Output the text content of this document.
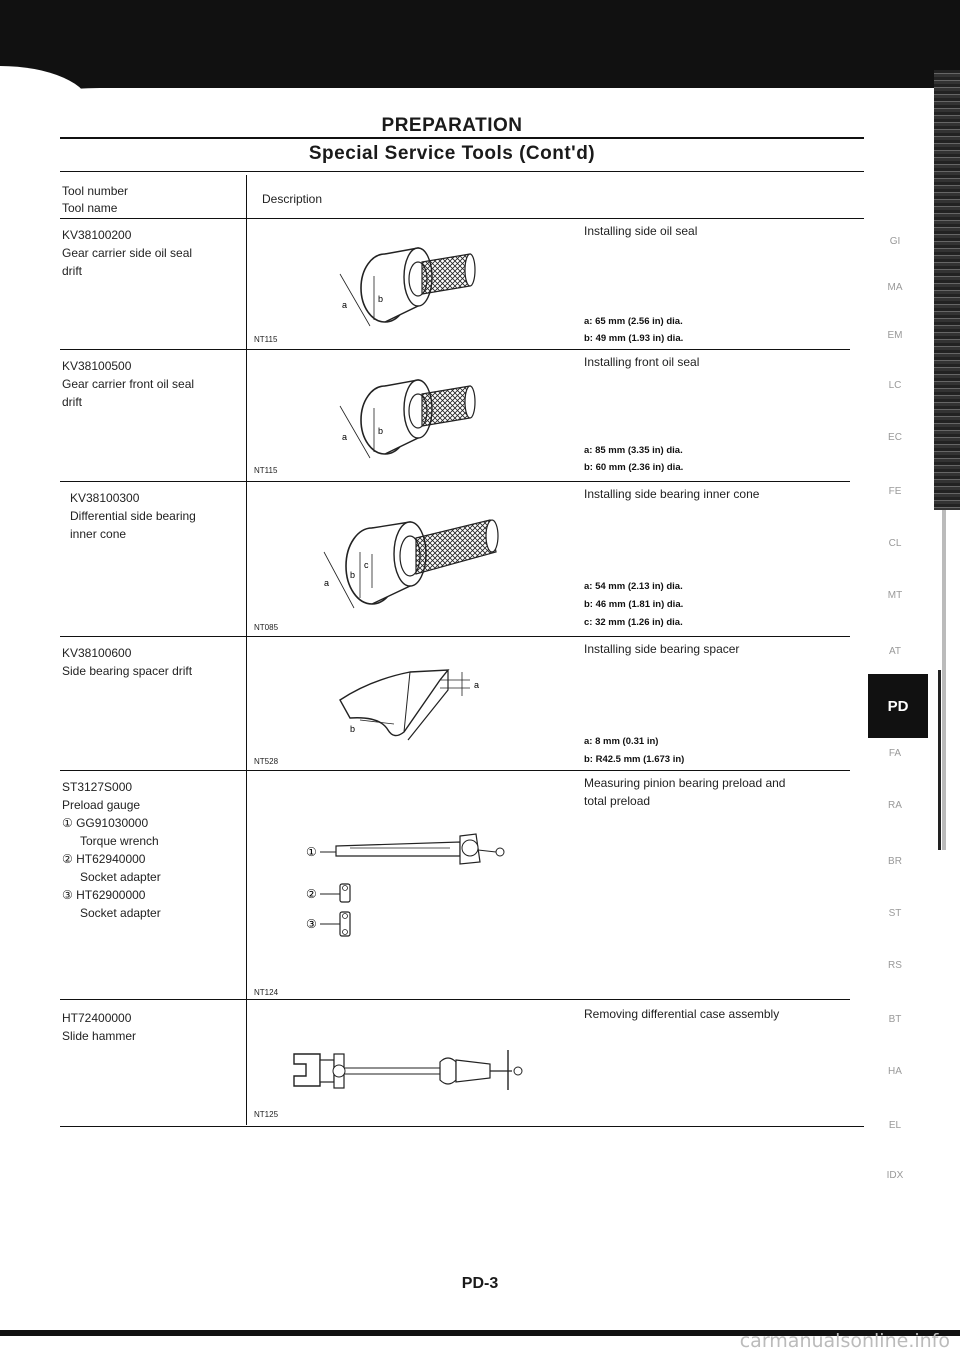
PREPARATION
Special Service Tools (Cont'd)
Tool number
Tool name
Description
KV38100200
Gear carrier side oil seal
drift
Installing side oil seal
a: 65 mm (2.56 in) dia.
b: 49 mm (1.93 in) dia.
NT115
a
b
KV38100500
Gear carrier front oil seal
drift
Installing front oil seal
a: 85 mm (3.35 in) dia.
b: 60 mm (2.36 in) dia.
NT115
a
b
KV38100300
Differential side bearing
inner cone
Installing side bearing inner cone
a: 54 mm (2.13 in) dia.
b: 46 mm (1.81 in) dia.
c: 32 mm (1.26 in) dia.
NT085
a
b
c
KV38100600
Side bearing spacer drift
Installing side bearing spacer
a: 8 mm (0.31 in)
b: R42.5 mm (1.673 in)
NT528
a
b
ST3127S000
Preload gauge
① GG91030000
Torque wrench
② HT62940000
Socket adapter
③ HT62900000
Socket adapter
Measuring pinion bearing preload and
total preload
NT124
①
②
③
HT72400000
Slide hammer
Removing differential case assembly
NT125
PD
GI
MA
EM
LC
EC
FE
CL
MT
AT
FA
RA
BR
ST
RS
BT
HA
EL
IDX
PD-3
carmanualsonline.info
